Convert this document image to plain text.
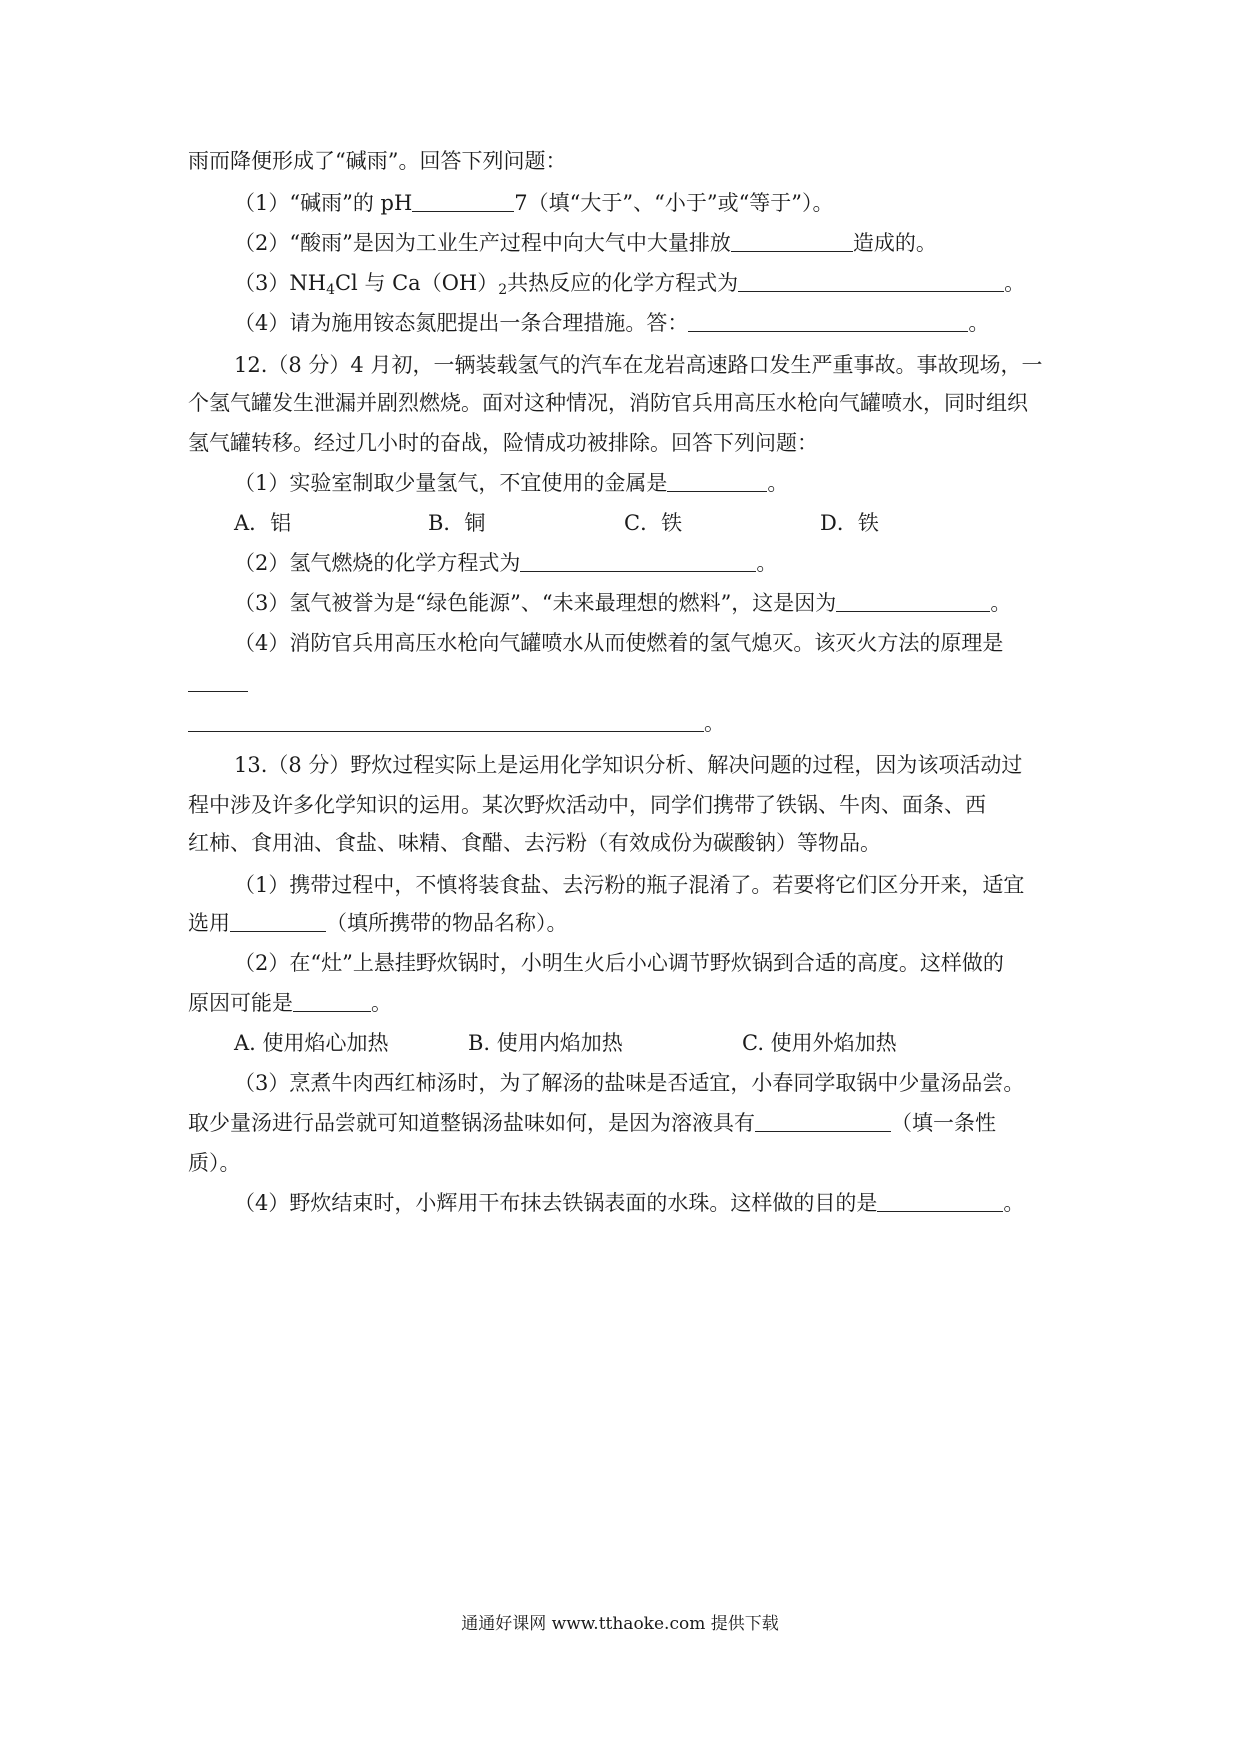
雨而降便形成了“碱雨”。回答下列问题：
（1）“碱雨”的 pH	7（填“大于”、“小于”或“等于”）。
（2）“酸雨”是因为工业生产过程中向大气中大量排放	造成的。
$(3)NH_4Cl$ 与 $Ca(OH)_2$共热反应的化学方程式为	。
（4）请为施用铵态氮肥提出一条合理措施。答：	。
12.（8 分）4 月初，一辆装载氢气的汽车在龙岩高速路口发生严重事故。事故现场，一
个氢气罐发生泄漏并剧烈燃烧。面对这种情况，消防官兵用高压水枪向气罐喷水，同时组织
氢气罐转移。经过几小时的奋战，险情成功被排除。回答下列问题：
（1）实验室制取少量氢气，不宜使用的金属是	。
A．铝	B．铜	C．铁	D．铁
（2）氢气燃烧的化学方程式为	。
（3）氢气被誉为是“绿色能源”、“未来最理想的燃料”，这是因为	。
（4）消防官兵用高压水枪向气罐喷水从而使燃着的氢气熄灭。该灭火方法的原理是
。
13.（8 分）野炊过程实际上是运用化学知识分析、解决问题的过程，因为该项活动过
程中涉及许多化学知识的运用。某次野炊活动中，同学们携带了铁锅、牛肉、面条、西
红柿、食用油、食盐、味精、食醋、去污粉（有效成份为碳酸钠）等物品。
（1）携带过程中，不慎将装食盐、去污粉的瓶子混淆了。若要将它们区分开来，适宜
选用	（填所携带的物品名称）。
（2）在“灶”上悬挂野炊锅时，小明生火后小心调节野炊锅到合适的高度。这样做的
原因可能是	。
A. 使用焰心加热	B. 使用内焰加热	C. 使用外焰加热
（3）烹煮牛肉西红柿汤时，为了解汤的盐味是否适宜，小春同学取锅中少量汤品尝。
取少量汤进行品尝就可知道整锅汤盐味如何，是因为溶液具有	（填一条性
质）。
（4）野炊结束时，小辉用干布抹去铁锅表面的水珠。这样做的目的是	。
通通好课网 www.tthaoke.com 提供下载
